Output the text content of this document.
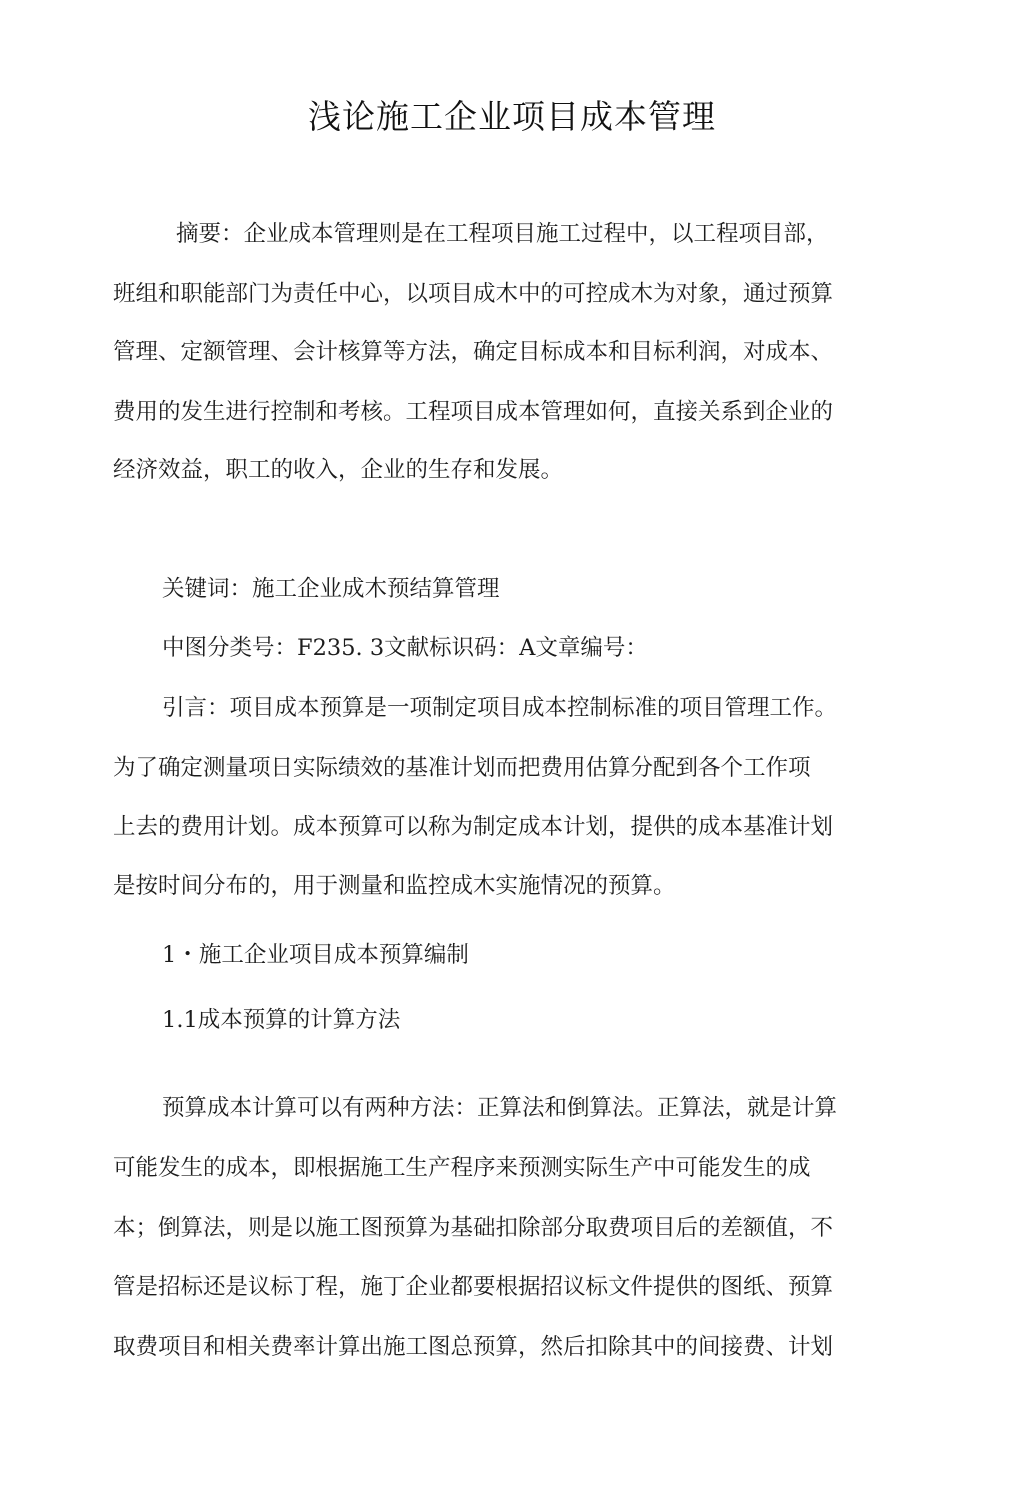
浅论施工企业项目成本管理
摘要：企业成本管理则是在工程项目施工过程中，以工程项目部，
班组和职能部门为责任中心，以项目成木中的可控成木为对象，通过预算
管理、定额管理、会计核算等方法，确定目标成本和目标利润，对成本、
费用的发生进行控制和考核。工程项目成本管理如何，直接关系到企业的
经济效益，职工的收入，企业的生存和发展。
关键词：施工企业成木预结算管理
中图分类号：F235. 3文献标识码：A文章编号：
引言：项目成本预算是一项制定项目成本控制标准的项目管理工作。
为了确定测量项日实际绩效的基准计划而把费用估算分配到各个工作项
上去的费用计划。成本预算可以称为制定成本计划，提供的成本基准计划
是按时间分布的，用于测量和监控成木实施情况的预算。
1・施工企业项目成本预算编制
1.1成本预算的计算方法
预算成本计算可以有两种方法：正算法和倒算法。正算法，就是计算
可能发生的成本，即根据施工生产程序来预测实际生产中可能发生的成
本；倒算法，则是以施工图预算为基础扣除部分取费项目后的差额值，不
管是招标还是议标丁程，施丁企业都要根据招议标文件提供的图纸、预算
取费项目和相关费率计算出施工图总预算，然后扣除其中的间接费、计划
